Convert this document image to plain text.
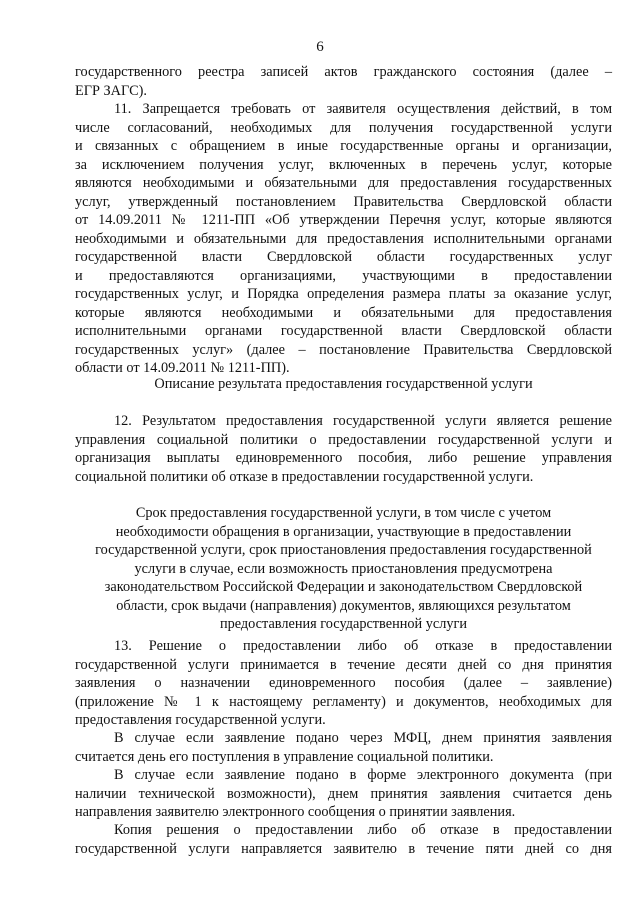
6

государственного реестра записей актов гражданского состояния (далее –

ЕГР ЗАГС).

11. Запрещается требовать от заявителя осуществления действий, в том

числе согласований, необходимых для получения государственной услуги

и связанных с обращением в иные государственные органы и организации,

за исключением получения услуг, включенных в перечень услуг, которые

являются необходимыми и обязательными для предоставления государственных

услуг, утвержденный постановлением Правительства Свердловской области

от 14.09.2011 № 1211-ПП «Об утверждении Перечня услуг, которые являются

необходимыми и обязательными для предоставления исполнительными органами

государственной власти Свердловской области государственных услуг

и предоставляются организациями, участвующими в предоставлении

государственных услуг, и Порядка определения размера платы за оказание услуг,

которые являются необходимыми и обязательными для предоставления

исполнительными органами государственной власти Свердловской области

государственных услуг» (далее – постановление Правительства Свердловской

области от 14.09.2011 № 1211-ПП).

Описание результата предоставления государственной услуги

12. Результатом предоставления государственной услуги является решение

управления социальной политики о предоставлении государственной услуги и

организация выплаты единовременного пособия, либо решение управления

социальной политики об отказе в предоставлении государственной услуги.

Срок предоставления государственной услуги, в том числе с учетом

необходимости обращения в организации, участвующие в предоставлении

государственной услуги, срок приостановления предоставления государственной

услуги в случае, если возможность приостановления предусмотрена

законодательством Российской Федерации и законодательством Свердловской

области, срок выдачи (направления) документов, являющихся результатом

предоставления государственной услуги

13. Решение о предоставлении либо об отказе в предоставлении

государственной услуги принимается в течение десяти дней со дня принятия

заявления о назначении единовременного пособия (далее – заявление)

(приложение № 1 к настоящему регламенту) и документов, необходимых для

предоставления государственной услуги.

В случае если заявление подано через МФЦ, днем принятия заявления

считается день его поступления в управление социальной политики.

В случае если заявление подано в форме электронного документа (при

наличии технической возможности), днем принятия заявления считается день

направления заявителю электронного сообщения о принятии заявления.

Копия решения о предоставлении либо об отказе в предоставлении

государственной услуги направляется заявителю в течение пяти дней со дня
